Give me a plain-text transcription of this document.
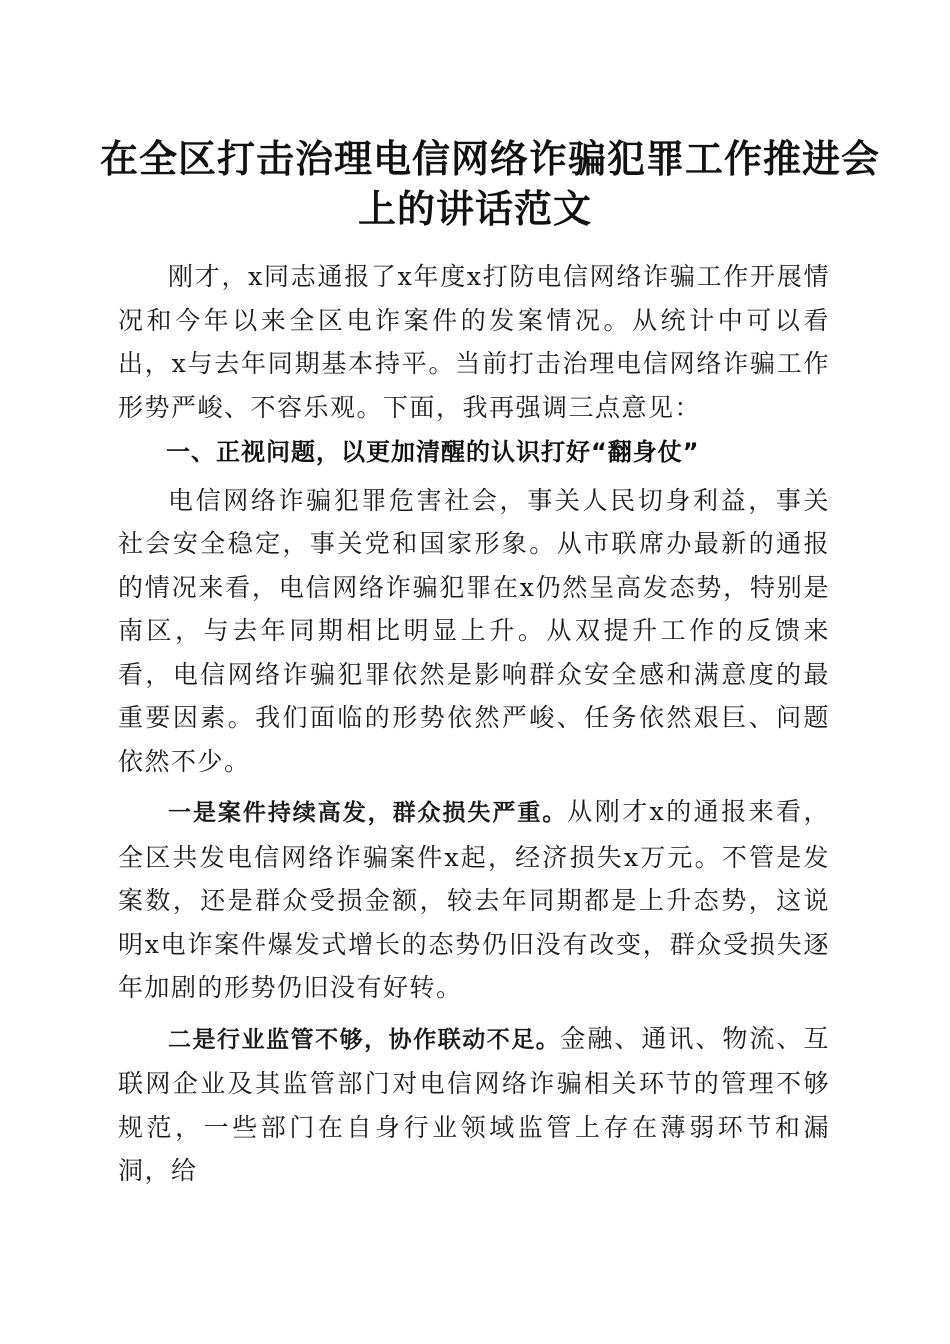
在全区打击治理电信网络诈骗犯罪工作推进会
上的讲话范文

刚才，x同志通报了x年度x打防电信网络诈骗工作开展情况和今年以来全区电诈案件的发案情况。从统计中可以看出，x与去年同期基本持平。当前打击治理电信网络诈骗工作形势严峻、不容乐观。下面，我再强调三点意见：

一、正视问题，以更加清醒的认识打好“翻身仗”

电信网络诈骗犯罪危害社会，事关人民切身利益，事关社会安全稳定，事关党和国家形象。从市联席办最新的通报的情况来看，电信网络诈骗犯罪在x仍然呈高发态势，特别是南区，与去年同期相比明显上升。从双提升工作的反馈来看，电信网络诈骗犯罪依然是影响群众安全感和满意度的最重要因素。我们面临的形势依然严峻、任务依然艰巨、问题依然不少。

一是案件持续高发，群众损失严重。从刚才x的通报来看，全区共发电信网络诈骗案件x起，经济损失x万元。不管是发案数，还是群众受损金额，较去年同期都是上升态势，这说明x电诈案件爆发式增长的态势仍旧没有改变，群众受损失逐年加剧的形势仍旧没有好转。

二是行业监管不够，协作联动不足。金融、通讯、物流、互联网企业及其监管部门对电信网络诈骗相关环节的管理不够规范，一些部门在自身行业领域监管上存在薄弱环节和漏洞，给
